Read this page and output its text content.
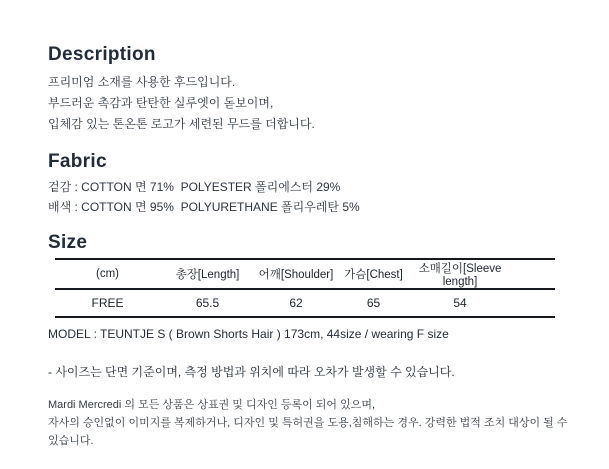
Description

프리미엄 소재를 사용한 후드입니다.

부드러운 촉감과 탄탄한 실루엣이 돋보이며,

입체감 있는 톤온톤 로고가 세련된 무드를 더합니다.

Fabric

겉감 : COTTON 면 71%  POLYESTER 폴리에스터 29%

배색 : COTTON 면 95%  POLYURETHANE 폴리우레탄 5%

Size
(cm)	총장[Length]	어깨[Shoulder]	가슴[Chest]	소매길이[Sleeve length]
FREE	65.5	62	65	54

MODEL : TEUNTJE S ( Brown Shorts Hair ) 173cm, 44size / wearing F size

- 사이즈는 단면 기준이며, 측정 방법과 위치에 따라 오차가 발생할 수 있습니다.

Mardi Mercredi 의 모든 상품은 상표권 및 디자인 등록이 되어 있으며,

자사의 승인없이 이미지를 복제하거나, 디자인 및 특허권을 도용,침해하는 경우. 강력한 법적 조치 대상이 될 수 있습니다.
